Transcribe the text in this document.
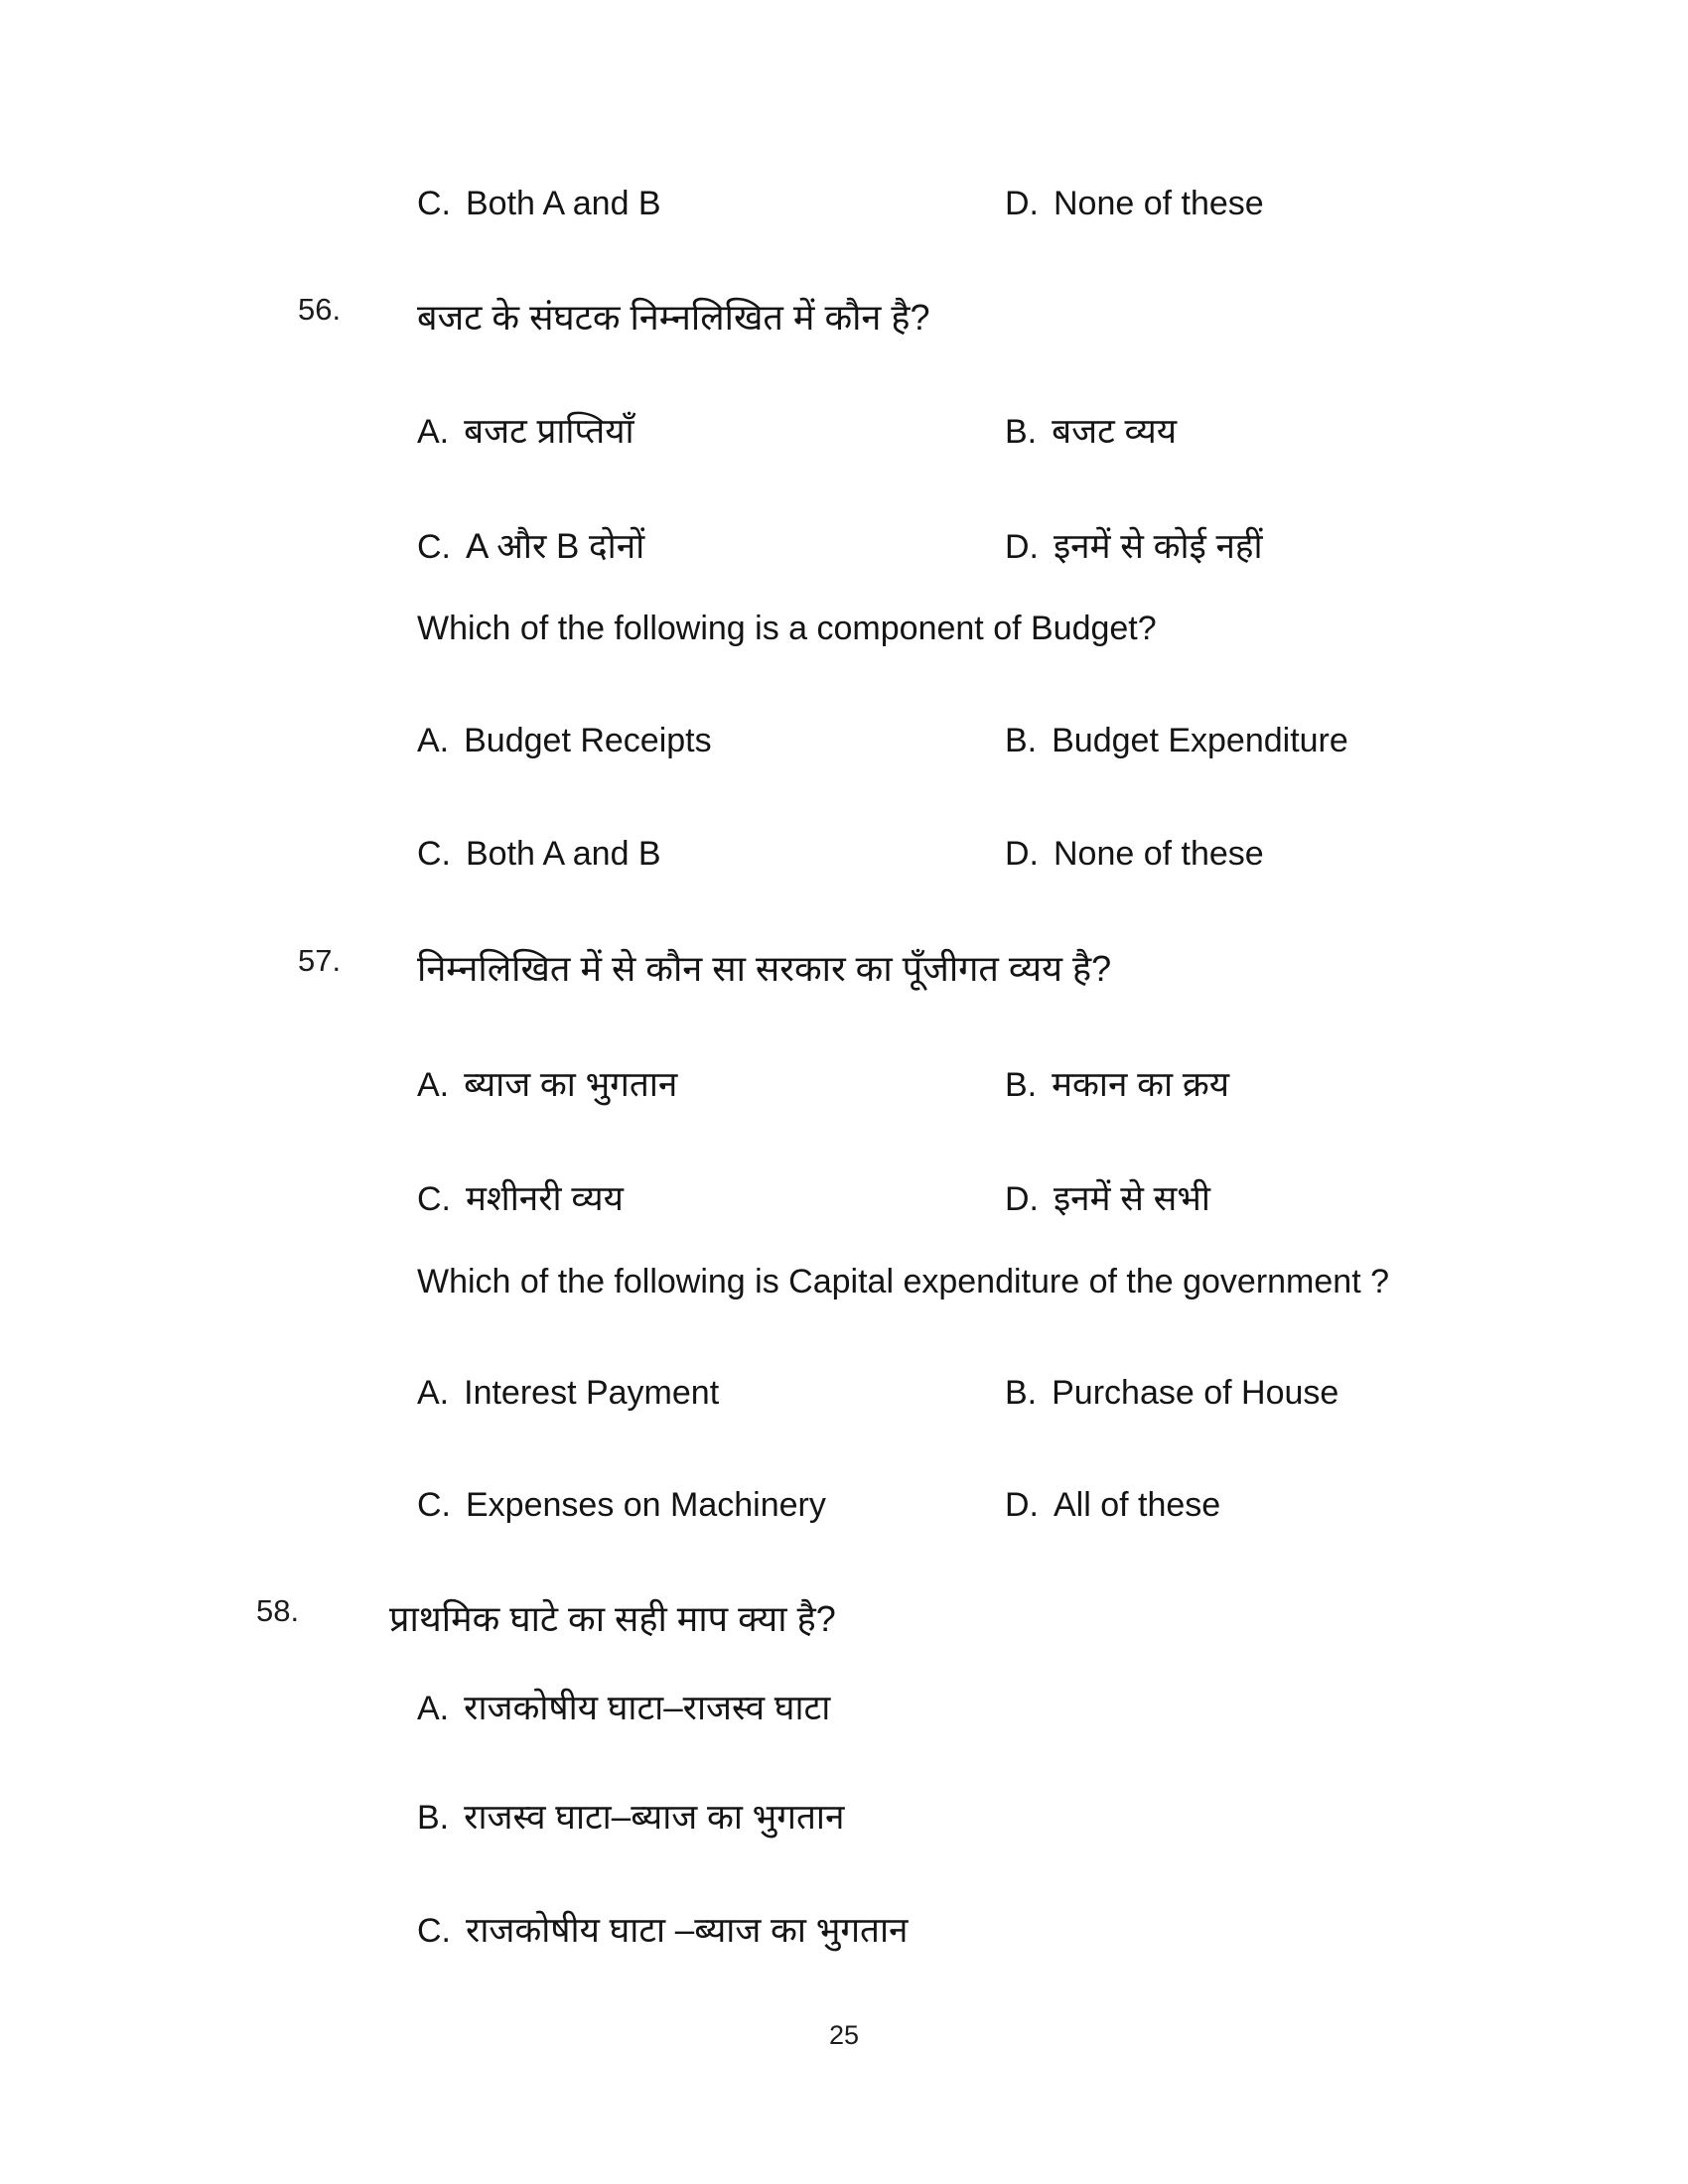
C. Both A and B	D. None of these
56. बजट के संघटक निम्नलिखित में कौन है?
A. बजट प्राप्तियाँ	B. बजट व्यय
C. A और B दोनों	D. इनमें से कोई नहीं
Which of the following is a component of Budget?
A. Budget Receipts	B. Budget Expenditure
C. Both A and B	D. None of these
57. निम्नलिखित में से कौन सा सरकार का पूँजीगत व्यय है?
A. ब्याज का भुगतान	B. मकान का क्रय
C. मशीनरी व्यय	D. इनमें से सभी
Which of the following is Capital expenditure of the government ?
A. Interest Payment	B. Purchase of House
C. Expenses on Machinery	D. All of these
58.	प्राथमिक घाटे का सही माप क्या है?
A. राजकोषीय घाटा–राजस्व घाटा
B. राजस्व घाटा–ब्याज का भुगतान
C. राजकोषीय घाटा –ब्याज का भुगतान
25
